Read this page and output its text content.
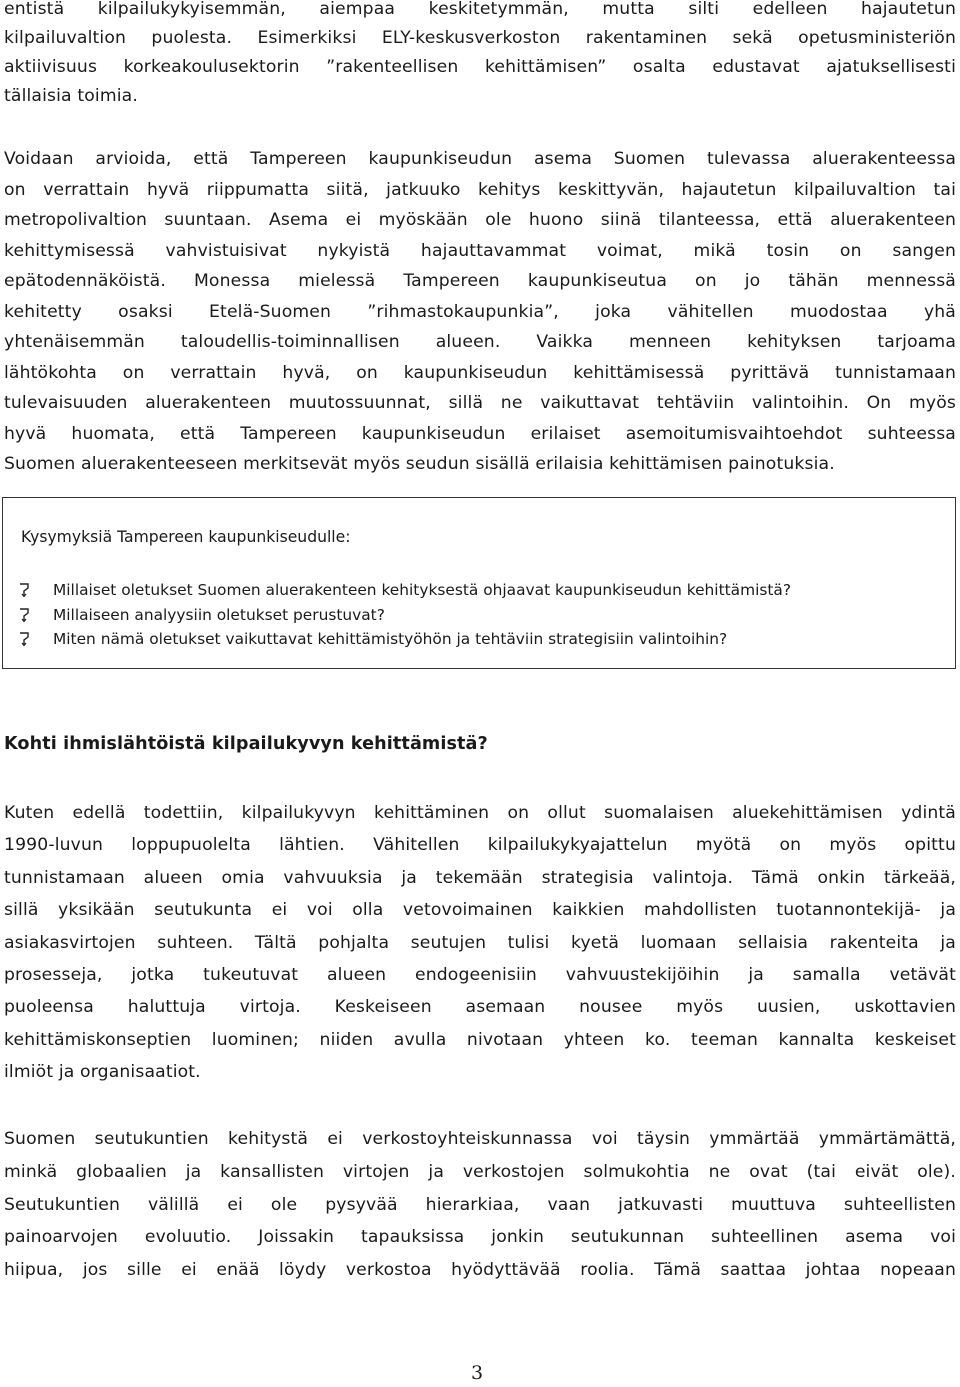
entistä kilpailukykyisemmän, aiempaa keskitetymmän, mutta silti edelleen hajautetun
kilpailuvaltion puolesta. Esimerkiksi ELY-keskusverkoston rakentaminen sekä opetusministeriön
aktiivisuus korkeakoulusektorin ”rakenteellisen kehittämisen” osalta edustavat ajatuksellisesti
tällaisia toimia.
Voidaan arvioida, että Tampereen kaupunkiseudun asema Suomen tulevassa aluerakenteessa
on verrattain hyvä riippumatta siitä, jatkuuko kehitys keskittyvän, hajautetun kilpailuvaltion tai
metropolivaltion suuntaan. Asema ei myöskään ole huono siinä tilanteessa, että aluerakenteen
kehittymisessä vahvistuisivat nykyistä hajauttavammat voimat, mikä tosin on sangen
epätodennäköistä. Monessa mielessä Tampereen kaupunkiseutua on jo tähän mennessä
kehitetty osaksi Etelä-Suomen ”rihmastokaupunkia”, joka vähitellen muodostaa yhä
yhtenäisemmän taloudellis-toiminnallisen alueen. Vaikka menneen kehityksen tarjoama
lähtökohta on verrattain hyvä, on kaupunkiseudun kehittämisessä pyrittävä tunnistamaan
tulevaisuuden aluerakenteen muutossuunnat, sillä ne vaikuttavat tehtäviin valintoihin. On myös
hyvä huomata, että Tampereen kaupunkiseudun erilaiset asemoitumisvaihtoehdot suhteessa
Suomen aluerakenteeseen merkitsevät myös seudun sisällä erilaisia kehittämisen painotuksia.

Kysymyksiä Tampereen kaupunkiseudulle:

Millaiset oletukset Suomen aluerakenteen kehityksestä ohjaavat kaupunkiseudun kehittämistä?
Millaiseen analyysiin oletukset perustuvat?
Miten nämä oletukset vaikuttavat kehittämistyöhön ja tehtäviin strategisiin valintoihin?
Kohti ihmislähtöistä kilpailukyvyn kehittämistä?
Kuten edellä todettiin, kilpailukyvyn kehittäminen on ollut suomalaisen aluekehittämisen ydintä
1990-luvun loppupuolelta lähtien. Vähitellen kilpailukykyajattelun myötä on myös opittu
tunnistamaan alueen omia vahvuuksia ja tekemään strategisia valintoja. Tämä onkin tärkeää,
sillä yksikään seutukunta ei voi olla vetovoimainen kaikkien mahdollisten tuotannontekijä- ja
asiakasvirtojen suhteen. Tältä pohjalta seutujen tulisi kyetä luomaan sellaisia rakenteita ja
prosesseja, jotka tukeutuvat alueen endogeenisiin vahvuustekijöihin ja samalla vetävät
puoleensa haluttuja virtoja. Keskeiseen asemaan nousee myös uusien, uskottavien
kehittämiskonseptien luominen; niiden avulla nivotaan yhteen ko. teeman kannalta keskeiset
ilmiöt ja organisaatiot.
Suomen seutukuntien kehitystä ei verkostoyhteiskunnassa voi täysin ymmärtää ymmärtämättä,
minkä globaalien ja kansallisten virtojen ja verkostojen solmukohtia ne ovat (tai eivät ole).
Seutukuntien välillä ei ole pysyvää hierarkiaa, vaan jatkuvasti muuttuva suhteellisten
painoarvojen evoluutio. Joissakin tapauksissa jonkin seutukunnan suhteellinen asema voi
hiipua, jos sille ei enää löydy verkostoa hyödyttävää roolia. Tämä saattaa johtaa nopeaan

3
